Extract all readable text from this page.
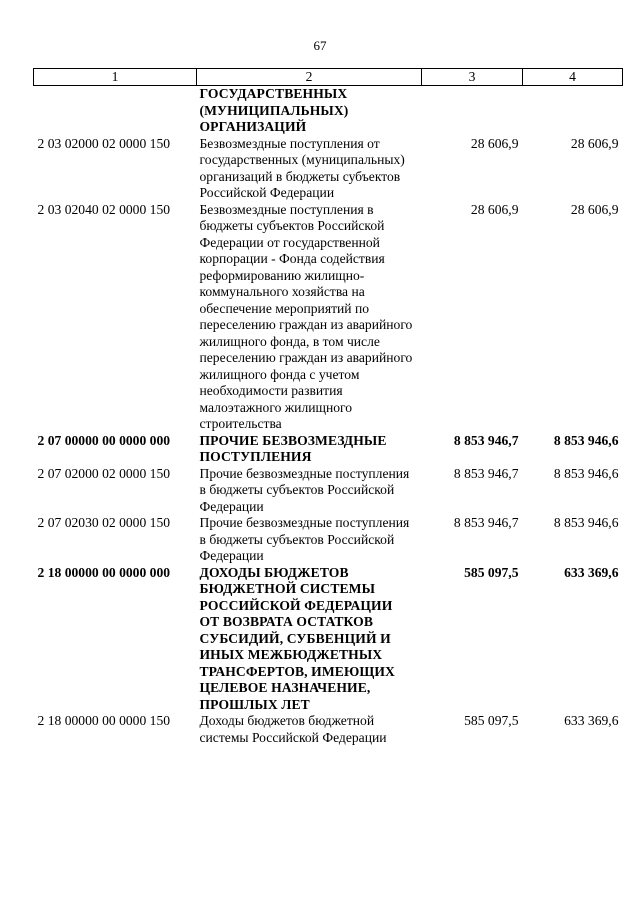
67
1	2	3	4
	ГОСУДАРСТВЕННЫХ (МУНИЦИПАЛЬНЫХ) ОРГАНИЗАЦИЙ		
2 03 02000 02 0000 150	Безвозмездные поступления от государственных (муниципальных) организаций в бюджеты субъектов Российской Федерации	28 606,9	28 606,9
2 03 02040 02 0000 150	Безвозмездные поступления в бюджеты субъектов Российской Федерации от государственной корпорации - Фонда содействия реформированию жилищно-коммунального хозяйства на обеспечение мероприятий по переселению граждан из аварийного жилищного фонда, в том числе переселению граждан из аварийного жилищного фонда с учетом необходимости развития малоэтажного жилищного строительства	28 606,9	28 606,9
2 07 00000 00 0000 000	ПРОЧИЕ БЕЗВОЗМЕЗДНЫЕ ПОСТУПЛЕНИЯ	8 853 946,7	8 853 946,6
2 07 02000 02 0000 150	Прочие безвозмездные поступления в бюджеты субъектов Российской Федерации	8 853 946,7	8 853 946,6
2 07 02030 02 0000 150	Прочие безвозмездные поступления в бюджеты субъектов Российской Федерации	8 853 946,7	8 853 946,6
2 18 00000 00 0000 000	ДОХОДЫ БЮДЖЕТОВ БЮДЖЕТНОЙ СИСТЕМЫ РОССИЙСКОЙ ФЕДЕРАЦИИ ОТ ВОЗВРАТА ОСТАТКОВ СУБСИДИЙ, СУБВЕНЦИЙ И ИНЫХ МЕЖБЮДЖЕТНЫХ ТРАНСФЕРТОВ, ИМЕЮЩИХ ЦЕЛЕВОЕ НАЗНАЧЕНИЕ, ПРОШЛЫХ ЛЕТ	585 097,5	633 369,6
2 18 00000 00 0000 150	Доходы бюджетов бюджетной системы Российской Федерации	585 097,5	633 369,6
